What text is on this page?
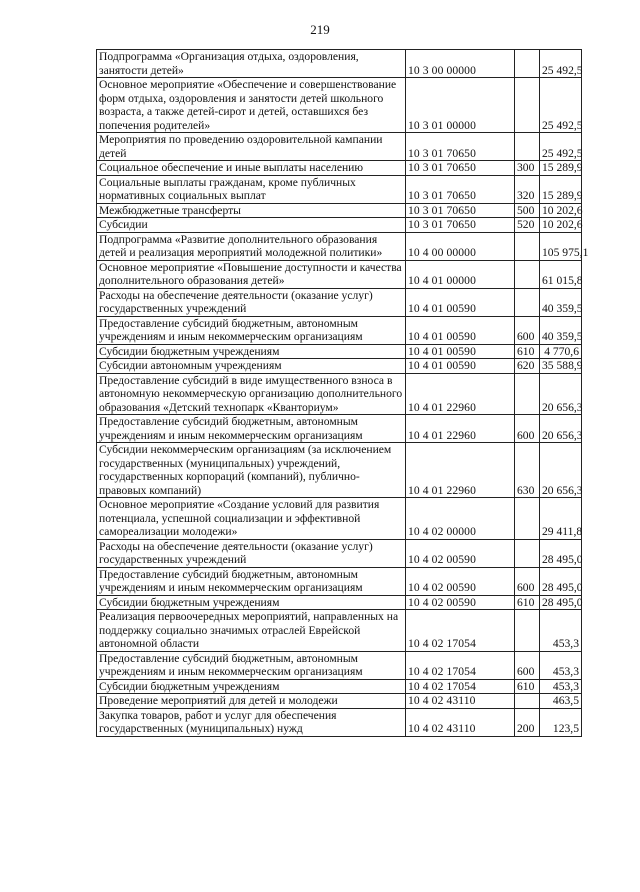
219
Подпрограмма «Организация отдыха, оздоровления, занятости детей»	10 3 00 00000		25 492,5
Основное мероприятие «Обеспечение и совершенствование форм отдыха, оздоровления и занятости детей школьного возраста, а также детей-сирот и детей, оставшихся без попечения родителей»	10 3 01 00000		25 492,5
Мероприятия по проведению оздоровительной кампании детей	10 3 01 70650		25 492,5
Социальное обеспечение и иные выплаты населению	10 3 01 70650	300	15 289,9
Социальные выплаты гражданам, кроме публичных нормативных социальных выплат	10 3 01 70650	320	15 289,9
Межбюджетные трансферты	10 3 01 70650	500	10 202,6
Субсидии	10 3 01 70650	520	10 202,6
Подпрограмма «Развитие дополнительного образования детей и реализация мероприятий молодежной политики»	10 4 00 00000		105 975,1
Основное мероприятие «Повышение доступности и качества дополнительного образования детей»	10 4 01 00000		61 015,8
Расходы на обеспечение деятельности (оказание услуг) государственных учреждений	10 4 01 00590		40 359,5
Предоставление субсидий бюджетным, автономным учреждениям и иным некоммерческим организациям	10 4 01 00590	600	40 359,5
Субсидии бюджетным учреждениям	10 4 01 00590	610	4 770,6
Субсидии автономным учреждениям	10 4 01 00590	620	35 588,9
Предоставление субсидий в виде имущественного взноса в автономную некоммерческую организацию дополнительного образования «Детский технопарк «Кванториум»	10 4 01 22960		20 656,3
Предоставление субсидий бюджетным, автономным учреждениям и иным некоммерческим организациям	10 4 01 22960	600	20 656,3
Субсидии некоммерческим организациям (за исключением государственных (муниципальных) учреждений, государственных корпораций (компаний), публично-правовых компаний)	10 4 01 22960	630	20 656,3
Основное мероприятие «Создание условий для развития потенциала, успешной социализации и эффективной самореализации молодежи»	10 4 02 00000		29 411,8
Расходы на обеспечение деятельности (оказание услуг) государственных учреждений	10 4 02 00590		28 495,0
Предоставление субсидий бюджетным, автономным учреждениям и иным некоммерческим организациям	10 4 02 00590	600	28 495,0
Субсидии бюджетным учреждениям	10 4 02 00590	610	28 495,0
Реализация первоочередных мероприятий, направленных на поддержку социально значимых отраслей Еврейской автономной области	10 4 02 17054		453,3
Предоставление субсидий бюджетным, автономным учреждениям и иным некоммерческим организациям	10 4 02 17054	600	453,3
Субсидии бюджетным учреждениям	10 4 02 17054	610	453,3
Проведение мероприятий для детей и молодежи	10 4 02 43110		463,5
Закупка товаров, работ и услуг для обеспечения государственных (муниципальных) нужд	10 4 02 43110	200	123,5
